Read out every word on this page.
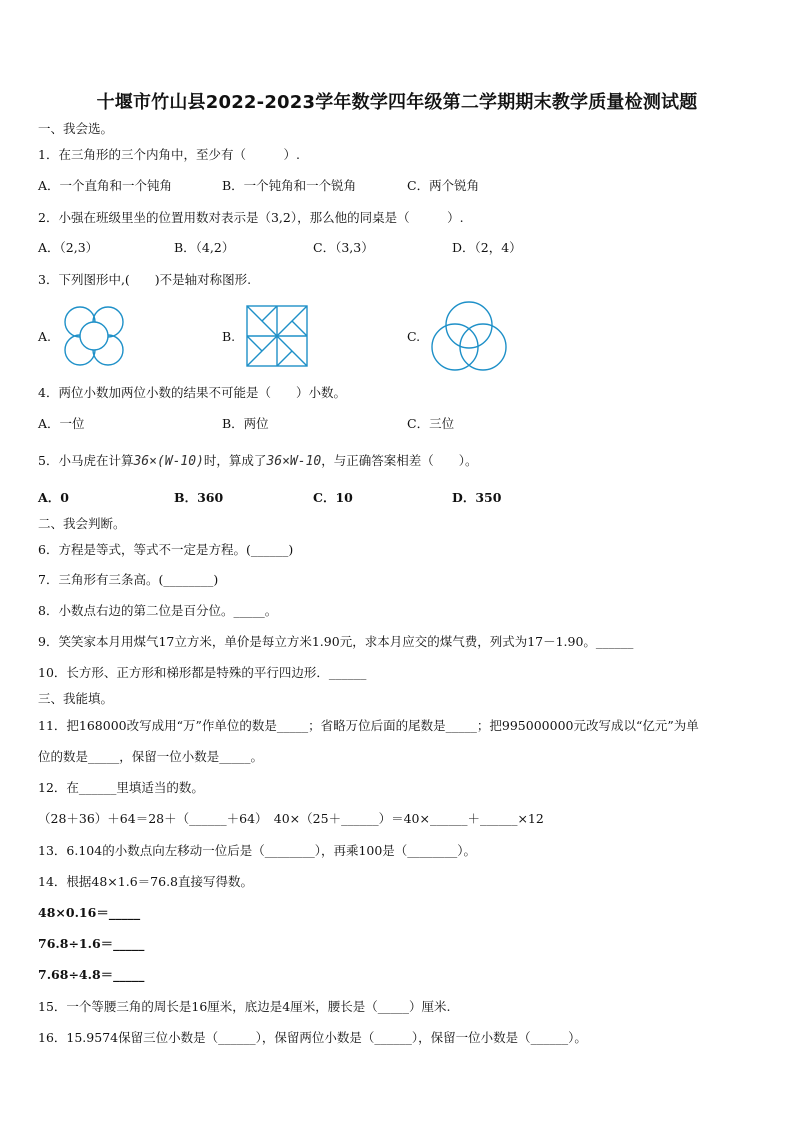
十堰市竹山县2022-2023学年数学四年级第二学期期末教学质量检测试题
一、我会选。
1．在三角形的三个内角中，至少有（　　　）.
A．一个直角和一个钝角	B．一个钝角和一个锐角	C．两个锐角
2．小强在班级里坐的位置用数对表示是（3,2），那么他的同桌是（　　　）.
A．（2,3）	B．（4,2）	C．（3,3）	D．（2，4）
3．下列图形中,(　　)不是轴对称图形.
A.	B.	C.
4．两位小数加两位小数的结果不可能是（　　）小数。
A．一位	B．两位	C．三位
5．小马虎在计算36×(W-10)时，算成了36×W-10，与正确答案相差（　　）。
A．0	B．360	C．10	D．350
二、我会判断。
6．方程是等式，等式不一定是方程。(______)
7．三角形有三条高。(________)
8．小数点右边的第二位是百分位。_____。
9．笑笑家本月用煤气17立方米，单价是每立方米1.90元，求本月应交的煤气费，列式为17－1.90。______
10．长方形、正方形和梯形都是特殊的平行四边形．______
三、我能填。
11．把168000改写成用“万”作单位的数是_____；省略万位后面的尾数是_____；把995000000元改写成以“亿元”为单
位的数是_____，保留一位小数是_____。
12．在______里填适当的数。
（28＋36）＋64＝28＋（______＋64）　40×（25＋______）＝40×______＋______×12
13．6.104的小数点向左移动一位后是（________），再乘100是（________）。
14．根据48×1.6＝76.8直接写得数。
48×0.16＝_____
76.8÷1.6＝_____
7.68÷4.8＝_____
15．一个等腰三角的周长是16厘米，底边是4厘米，腰长是（_____）厘米.
16．15.9574保留三位小数是（______），保留两位小数是（______），保留一位小数是（______）。
